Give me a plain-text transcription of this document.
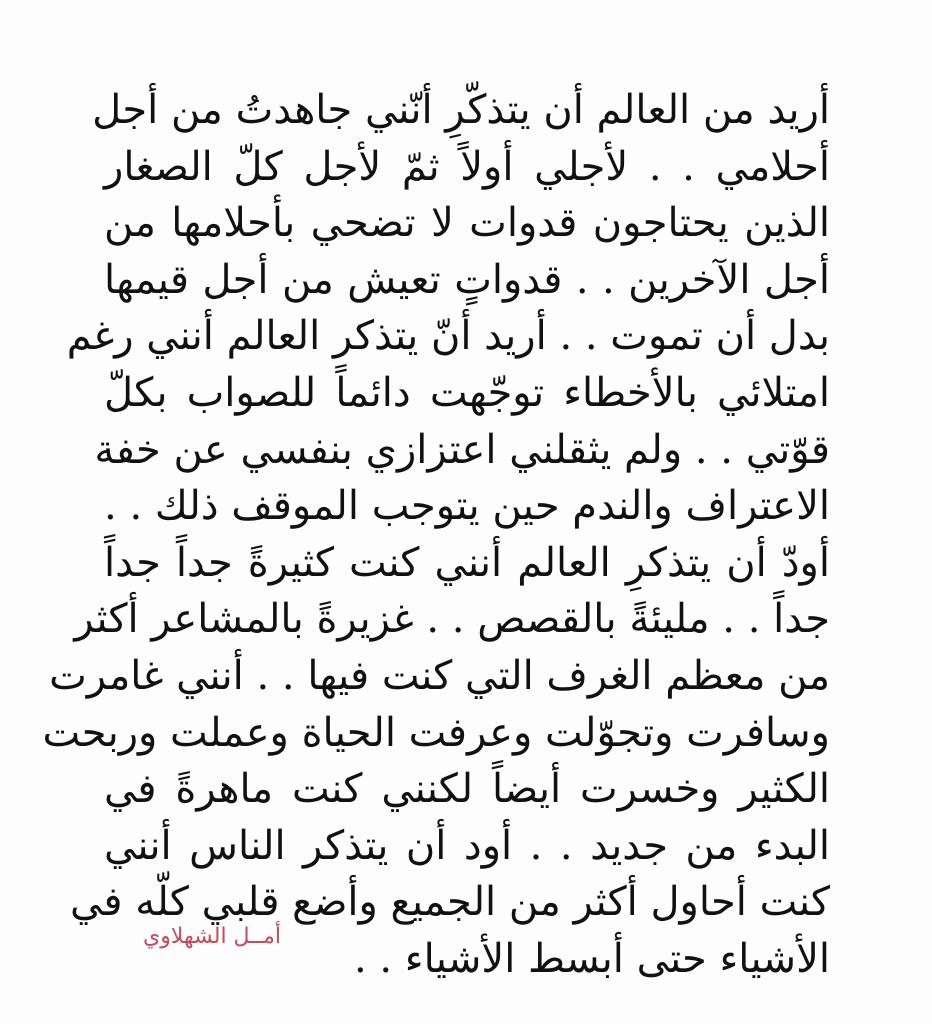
أريد من العالم أن يتذكّرِ أنّني جاهدتُ من أجل
أحلامي . . لأجلي أولاً ثمّ لأجل كلّ الصغار
الذين يحتاجون قدوات لا تضحي بأحلامها من
أجل الآخرين . . قدواتٍ تعيش من أجل قيمها
بدل أن تموت . . أريد أنّ يتذكر العالم أنني رغم
امتلائي بالأخطاء توجّهت دائماً للصواب بكلّ
قوّتي . . ولم يثقلني اعتزازي بنفسي عن خفة
الاعتراف والندم حين يتوجب الموقف ذلك . .
أودّ أن يتذكرِ العالم أنني كنت كثيرةً جداً جداً
جداً . . مليئةً بالقصص . . غزيرةً بالمشاعر أكثر
من معظم الغرف التي كنت فيها . . أنني غامرت
وسافرت وتجوّلت وعرفت الحياة وعملت وربحت
الكثير وخسرت أيضاً لكنني كنت ماهرةً في
البدء من جديد . . أود أن يتذكر الناس أنني
كنت أحاول أكثر من الجميع وأضع قلبي كلّه في
الأشياء حتى أبسط الأشياء . .
أمــل الشهلاوي
